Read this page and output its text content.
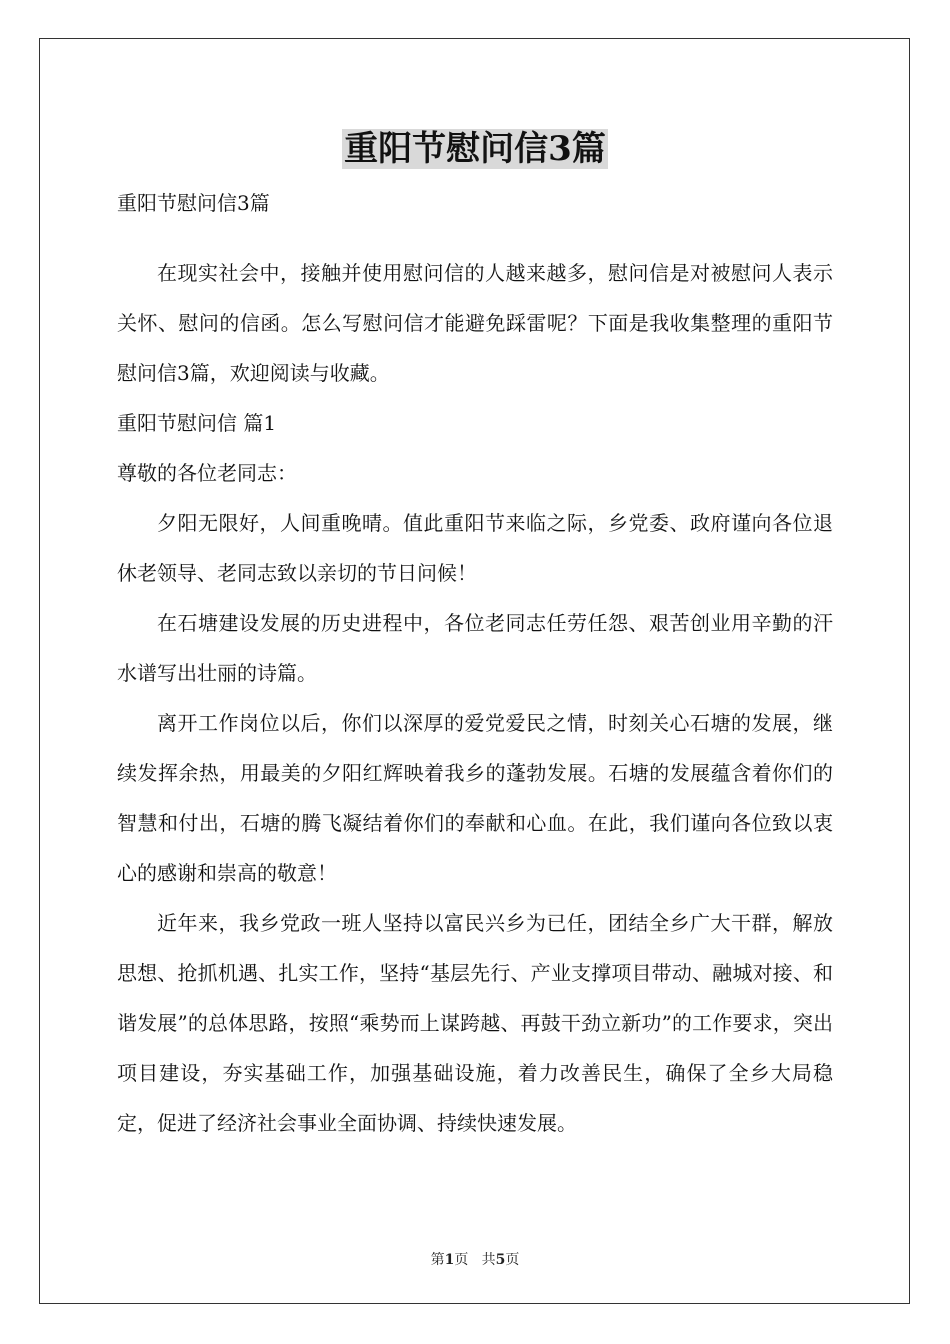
重阳节慰问信3篇

重阳节慰问信3篇

在现实社会中，接触并使用慰问信的人越来越多，慰问信是对被慰问人表示关怀、慰问的信函。怎么写慰问信才能避免踩雷呢？下面是我收集整理的重阳节慰问信3篇，欢迎阅读与收藏。

重阳节慰问信 篇1

尊敬的各位老同志：

夕阳无限好，人间重晚晴。值此重阳节来临之际，乡党委、政府谨向各位退休老领导、老同志致以亲切的节日问候！

在石塘建设发展的历史进程中，各位老同志任劳任怨、艰苦创业用辛勤的汗水谱写出壮丽的诗篇。

离开工作岗位以后，你们以深厚的爱党爱民之情，时刻关心石塘的发展，继续发挥余热，用最美的夕阳红辉映着我乡的蓬勃发展。石塘的发展蕴含着你们的智慧和付出，石塘的腾飞凝结着你们的奉献和心血。在此，我们谨向各位致以衷心的感谢和崇高的敬意！

近年来，我乡党政一班人坚持以富民兴乡为已任，团结全乡广大干群，解放思想、抢抓机遇、扎实工作，坚持“基层先行、产业支撑项目带动、融城对接、和谐发展”的总体思路，按照“乘势而上谋跨越、再鼓干劲立新功”的工作要求，突出项目建设，夯实基础工作，加强基础设施，着力改善民生，确保了全乡大局稳定，促进了经济社会事业全面协调、持续快速发展。

第1页 共5页
